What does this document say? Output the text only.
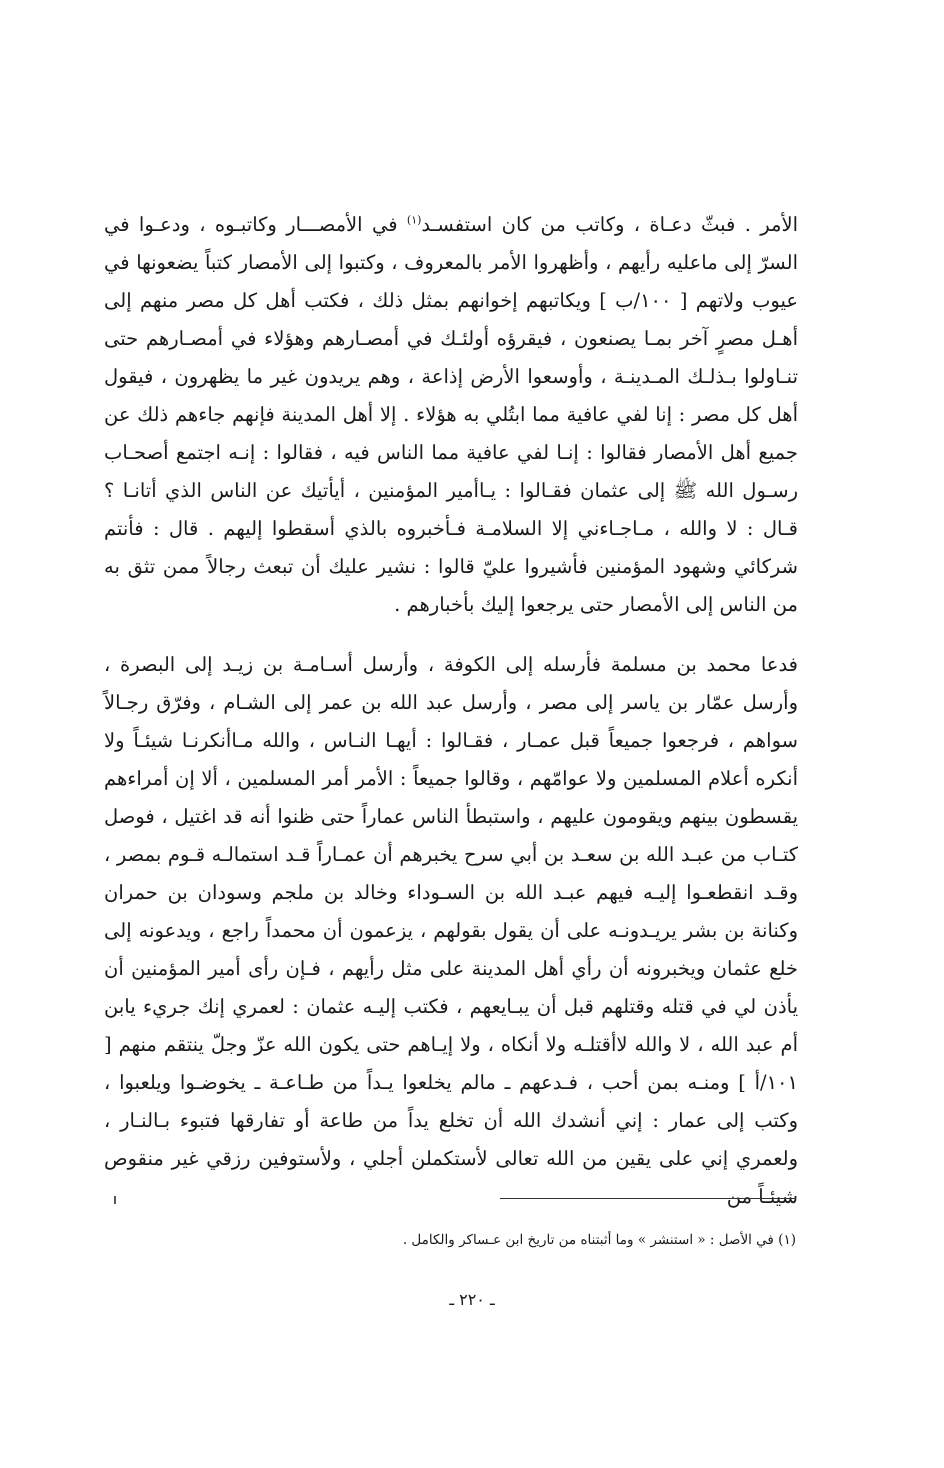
الأمر . فبثّ دعـاة ، وكاتب من كان استفسـد$^{(١)}$ في الأمصـــار وكاتبـوه ، ودعـوا في السرّ إلى ماعليه رأيهم ، وأظهروا الأمر بالمعروف ، وكتبوا إلى الأمصار كتباً يضعونها في عيوب ولاتهم [ ١٠٠/ب ] ويكاتبهم إخوانهم بمثل ذلك ، فكتب أهل كل مصر منهم إلى أهـل مصرٍ آخر بمـا يصنعون ، فيقرؤه أولئـك في أمصـارهم وهؤلاء في أمصـارهم حتى تنـاولوا بـذلـك المـدينـة ، وأوسعوا الأرض إذاعة ، وهم يريدون غير ما يظهرون ، فيقول أهل كل مصر : إنا لفي عافية مما ابتُلي به هؤلاء . إلا أهل المدينة فإنهم جاءهم ذلك عن جميع أهل الأمصار فقالوا : إنـا لفي عافية مما الناس فيه ، فقالوا : إنـه اجتمع أصحـاب رسـول الله ﷺ إلى عثمان فقـالوا : يـاأمير المؤمنين ، أيأتيك عن الناس الذي أتانـا ؟ قـال : لا والله ، مـاجـاءني إلا السلامـة فـأخبروه بالذي أسقطوا إليهم . قال : فأنتم شركائي وشهود المؤمنين فأشيروا عليّ قالوا : نشير عليك أن تبعث رجالاً ممن تثق به من الناس إلى الأمصار حتى يرجعوا إليك بأخبارهم .

فدعا محمد بن مسلمة فأرسله إلى الكوفة ، وأرسل أسـامـة بن زيـد إلى البصرة ، وأرسل عمّار بن ياسر إلى مصر ، وأرسل عبد الله بن عمر إلى الشـام ، وفرّق رجـالاً سواهم ، فرجعوا جميعاً قبل عمـار ، فقـالوا : أيهـا النـاس ، والله مـاأنكرنـا شيئـاً ولا أنكره أعلام المسلمين ولا عوامّهم ، وقالوا جميعاً : الأمر أمر المسلمين ، ألا إن أمراءهم يقسطون بينهم ويقومون عليهم ، واستبطأ الناس عماراً حتى ظنوا أنه قد اغتيل ، فوصل كتـاب من عبـد الله بن سعـد بن أبي سرح يخبرهم أن عمـاراً قـد استمالـه قـوم بمصر ، وقـد انقطعـوا إليـه فيهم عبـد الله بن السـوداء وخالد بن ملجم وسودان بن حمران وكنانة بن بشر يريـدونـه على أن يقول بقولهم ، يزعمون أن محمداً راجع ، ويدعونه إلى خلع عثمان ويخبرونه أن رأي أهل المدينة على مثل رأيهم ، فـإن رأى أمير المؤمنين أن يأذن لي في قتله وقتلهم قبل أن يبـايعهم ، فكتب إليـه عثمان : لعمري إنك جريء يابن أم عبد الله ، لا والله لاأقتلـه ولا أنكاه ، ولا إيـاهم حتى يكون الله عزّ وجلّ ينتقم منهم [ ١٠١/أ ] ومنـه بمن أحب ، فـدعهم ـ مالم يخلعوا يـداً من طـاعـة ـ يخوضـوا ويلعبوا ، وكتب إلى عمار : إني أنشدك الله أن تخلع يداً من طاعة أو تفارقها فتبوء بـالنـار ، ولعمري إني على يقين من الله تعالى لأستكملن أجلي ، ولأستوفين رزقي غير منقوص شيئـاً من

(١) في الأصل : « استنشر » وما أثبتناه من تاريخ ابن عـساكر والكامل .
ـ ٢٢٠ ـ
